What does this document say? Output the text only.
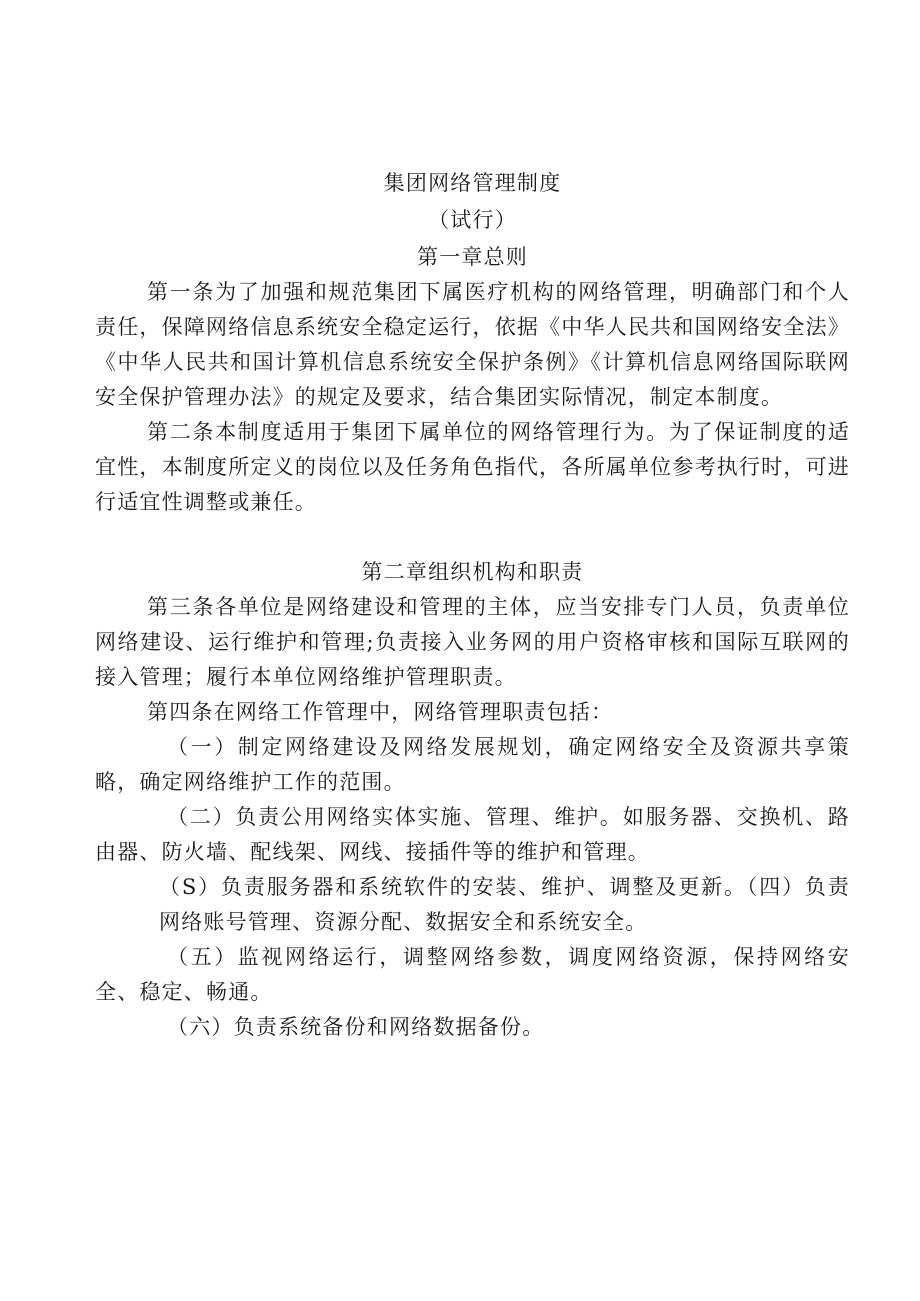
集团网络管理制度

（试行）

第一章总则

第一条为了加强和规范集团下属医疗机构的网络管理，明确部门和个人责任，保障网络信息系统安全稳定运行，依据《中华人民共和国网络安全法》《中华人民共和国计算机信息系统安全保护条例》《计算机信息网络国际联网安全保护管理办法》的规定及要求，结合集团实际情况，制定本制度。

第二条本制度适用于集团下属单位的网络管理行为。为了保证制度的适宜性，本制度所定义的岗位以及任务角色指代，各所属单位参考执行时，可进行适宜性调整或兼任。

第二章组织机构和职责

第三条各单位是网络建设和管理的主体，应当安排专门人员，负责单位网络建设、运行维护和管理;负责接入业务网的用户资格审核和国际互联网的接入管理；履行本单位网络维护管理职责。

第四条在网络工作管理中，网络管理职责包括：

（一）制定网络建设及网络发展规划，确定网络安全及资源共享策略，确定网络维护工作的范围。

（二）负责公用网络实体实施、管理、维护。如服务器、交换机、路由器、防火墙、配线架、网线、接插件等的维护和管理。

（S）负责服务器和系统软件的安装、维护、调整及更新。（四）负责网络账号管理、资源分配、数据安全和系统安全。

（五）监视网络运行，调整网络参数，调度网络资源，保持网络安全、稳定、畅通。

（六）负责系统备份和网络数据备份。
